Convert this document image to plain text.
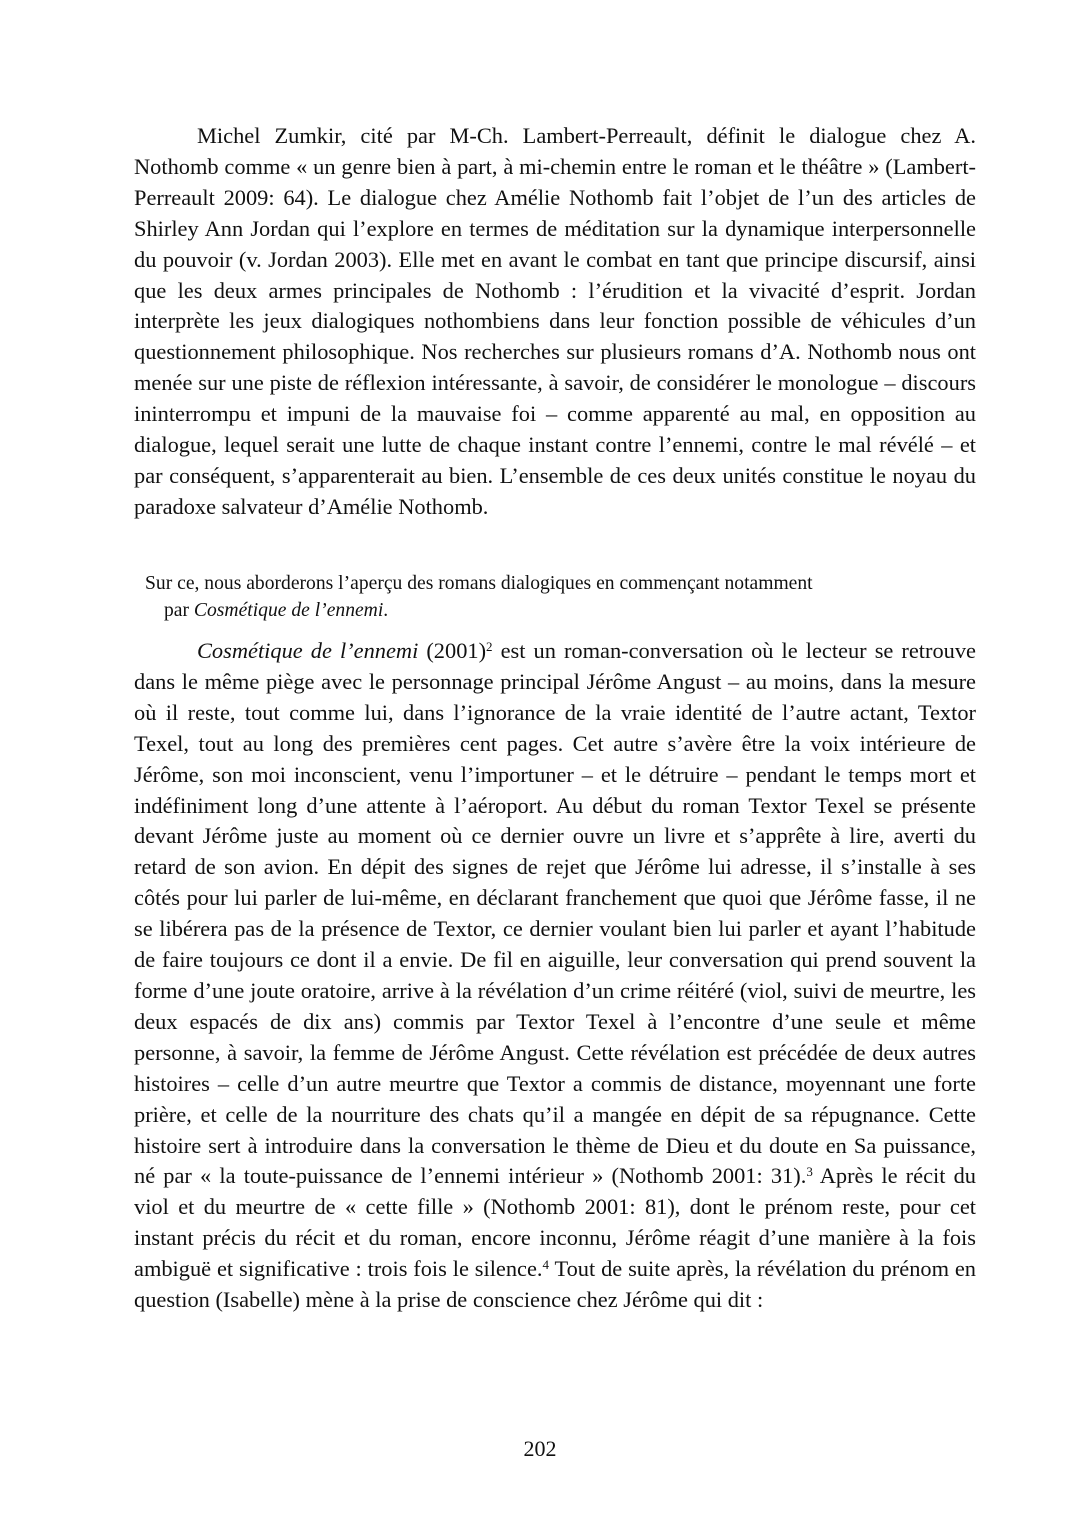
Michel Zumkir, cité par M-Ch. Lambert-Perreault, définit le dialogue chez A. Nothomb comme « un genre bien à part, à mi-chemin entre le roman et le théâtre » (Lambert-Perreault 2009: 64). Le dialogue chez Amélie Nothomb fait l’objet de l’un des articles de Shirley Ann Jordan qui l’explore en termes de méditation sur la dynamique interpersonnelle du pouvoir (v. Jordan 2003). Elle met en avant le combat en tant que principe discursif, ainsi que les deux armes principales de Nothomb : l’érudition et la vivacité d’esprit. Jordan interprète les jeux dialogiques nothombiens dans leur fonction possible de véhicules d’un questionnement philosophique. Nos recherches sur plusieurs romans d’A. Nothomb nous ont menée sur une piste de réflexion intéressante, à savoir, de considérer le monologue – discours ininterrompu et impuni de la mauvaise foi – comme apparenté au mal, en opposition au dialogue, lequel serait une lutte de chaque instant contre l’ennemi, contre le mal révélé – et par conséquent, s’apparenterait au bien. L’ensemble de ces deux unités constitue le noyau du paradoxe salvateur d’Amélie Nothomb.

Sur ce, nous aborderons l’aperçu des romans dialogiques en commençant notamment
par Cosmétique de l’ennemi.

Cosmétique de l’ennemi $(2001)^2$ est un roman-conversation où le lecteur se retrouve dans le même piège avec le personnage principal Jérôme Angust – au moins, dans la mesure où il reste, tout comme lui, dans l’ignorance de la vraie identité de l’autre actant, Textor Texel, tout au long des premières cent pages. Cet autre s’avère être la voix intérieure de Jérôme, son moi inconscient, venu l’importuner – et le détruire – pendant le temps mort et indéfiniment long d’une attente à l’aéroport. Au début du roman Textor Texel se présente devant Jérôme juste au moment où ce dernier ouvre un livre et s’apprête à lire, averti du retard de son avion. En dépit des signes de rejet que Jérôme lui adresse, il s’installe à ses côtés pour lui parler de lui-même, en déclarant franchement que quoi que Jérôme fasse, il ne se libérera pas de la présence de Textor, ce dernier voulant bien lui parler et ayant l’habitude de faire toujours ce dont il a envie. De fil en aiguille, leur conversation qui prend souvent la forme d’une joute oratoire, arrive à la révélation d’un crime réitéré (viol, suivi de meurtre, les deux espacés de dix ans) commis par Textor Texel à l’encontre d’une seule et même personne, à savoir, la femme de Jérôme Angust. Cette révélation est précédée de deux autres histoires – celle d’un autre meurtre que Textor a commis de distance, moyennant une forte prière, et celle de la nourriture des chats qu’il a mangée en dépit de sa répugnance. Cette histoire sert à introduire dans la conversation le thème de Dieu et du doute en Sa puissance, né par « la toute-puissance de l’ennemi intérieur » (Nothomb 2001: 31).$^3$ Après le récit du viol et du meurtre de « cette fille » (Nothomb 2001: 81), dont le prénom reste, pour cet instant précis du récit et du roman, encore inconnu, Jérôme réagit d’une manière à la fois ambiguë et significative : trois fois le silence.$^4$ Tout de suite après, la révélation du prénom en question (Isabelle) mène à la prise de conscience chez Jérôme qui dit :

202
